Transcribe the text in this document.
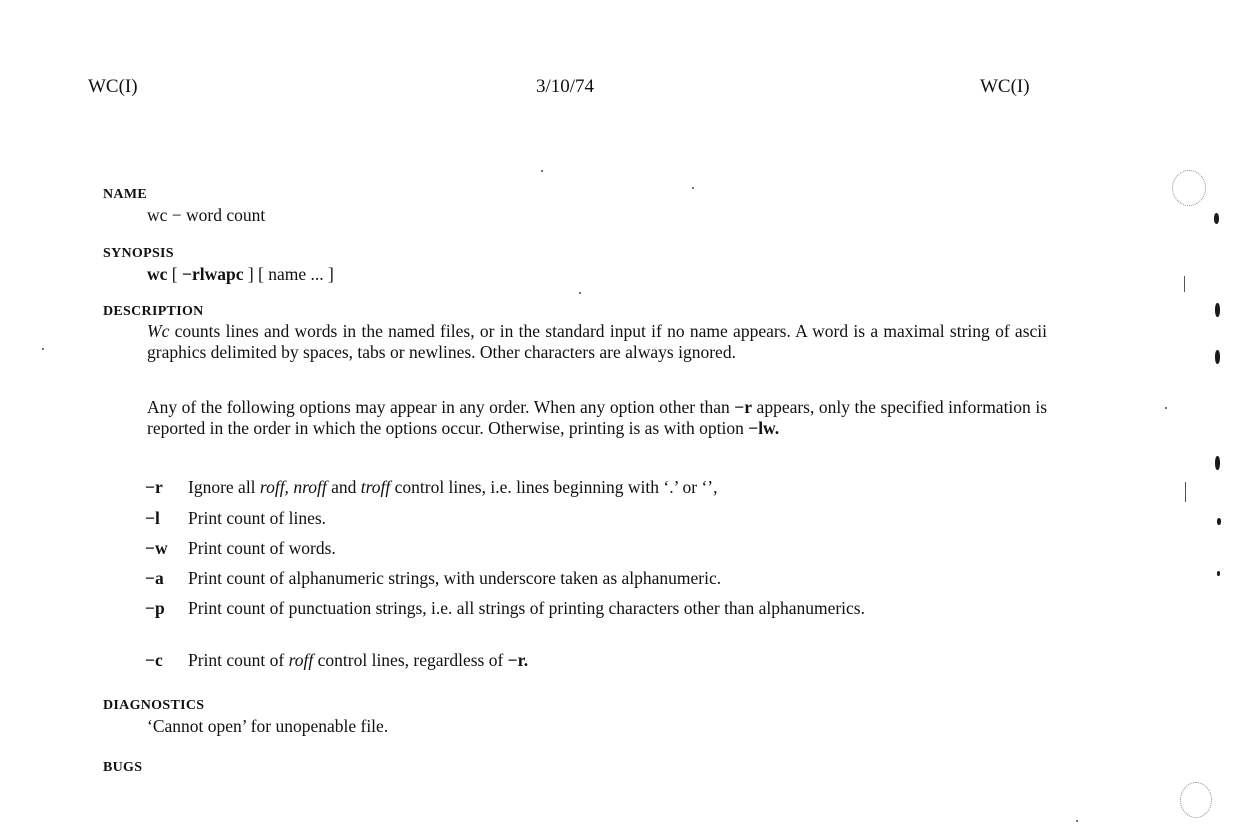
WC(I)	3/10/74	WC(I)
NAME
wc − word count
SYNOPSIS
wc [ −rlwapc ] [ name ... ]
DESCRIPTION
Wc counts lines and words in the named files, or in the standard input if no name appears. A word is a maximal string of ascii graphics delimited by spaces, tabs or newlines. Other characters are always ignored.
Any of the following options may appear in any order. When any option other than −r appears, only the specified information is reported in the order in which the options occur. Otherwise, printing is as with option −lw.
−r Ignore all roff, nroff and troff control lines, i.e. lines beginning with ‘.’ or ‘’,
−l Print count of lines.
−w Print count of words.
−a Print count of alphanumeric strings, with underscore taken as alphanumeric.
−p Print count of punctuation strings, i.e. all strings of printing characters other than alphanumerics.
−c Print count of roff control lines, regardless of −r.
DIAGNOSTICS
‘Cannot open’ for unopenable file.
BUGS
